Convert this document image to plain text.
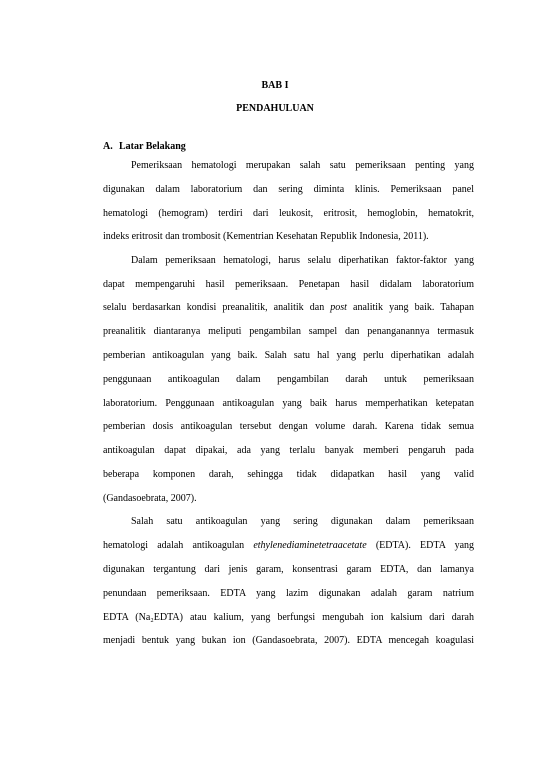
BAB I
PENDAHULUAN
A. Latar Belakang

Pemeriksaan hematologi merupakan salah satu pemeriksaan penting yang

digunakan dalam laboratorium dan sering diminta klinis. Pemeriksaan panel

hematologi (hemogram) terdiri dari leukosit, eritrosit, hemoglobin, hematokrit,

indeks eritrosit dan trombosit (Kementrian Kesehatan Republik Indonesia, 2011).

Dalam pemeriksaan hematologi, harus selalu diperhatikan faktor-faktor yang

dapat mempengaruhi hasil pemeriksaan. Penetapan hasil didalam laboratorium

selalu berdasarkan kondisi preanalitik, analitik dan post analitik yang baik. Tahapan

preanalitik diantaranya meliputi pengambilan sampel dan penanganannya termasuk

pemberian antikoagulan yang baik. Salah satu hal yang perlu diperhatikan adalah

penggunaan antikoagulan dalam pengambilan darah untuk pemeriksaan

laboratorium. Penggunaan antikoagulan yang baik harus memperhatikan ketepatan

pemberian dosis antikoagulan tersebut dengan volume darah. Karena tidak semua

antikoagulan dapat dipakai, ada yang terlalu banyak memberi pengaruh pada

beberapa komponen darah, sehingga tidak didapatkan hasil yang valid

(Gandasoebrata, 2007).

Salah satu antikoagulan yang sering digunakan dalam pemeriksaan

hematologi adalah antikoagulan ethylenediaminetetraacetate (EDTA). EDTA yang

digunakan tergantung dari jenis garam, konsentrasi garam EDTA, dan lamanya

penundaan pemeriksaan. EDTA yang lazim digunakan adalah garam natrium

EDTA (Na₂EDTA) atau kalium, yang berfungsi mengubah ion kalsium dari darah

menjadi bentuk yang bukan ion (Gandasoebrata, 2007). EDTA mencegah koagulasi
